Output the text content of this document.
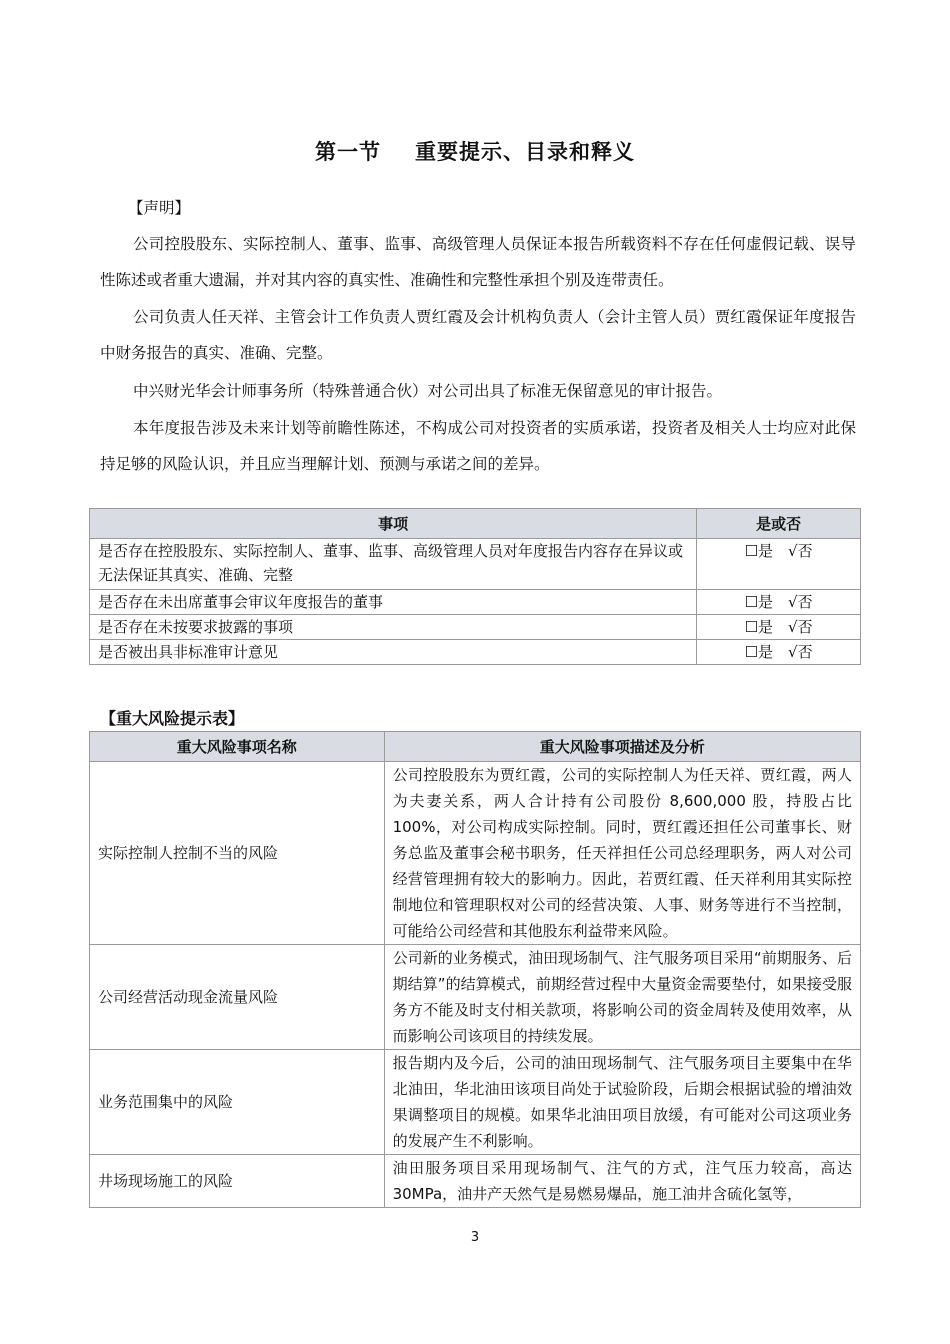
第一节 重要提示、目录和释义

【声明】

公司控股股东、实际控制人、董事、监事、高级管理人员保证本报告所载资料不存在任何虚假记载、误导性陈述或者重大遗漏，并对其内容的真实性、准确性和完整性承担个别及连带责任。

公司负责人任天祥、主管会计工作负责人贾红霞及会计机构负责人（会计主管人员）贾红霞保证年度报告中财务报告的真实、准确、完整。

中兴财光华会计师事务所（特殊普通合伙）对公司出具了标准无保留意见的审计报告。

本年度报告涉及未来计划等前瞻性陈述，不构成公司对投资者的实质承诺，投资者及相关人士均应对此保持足够的风险认识，并且应当理解计划、预测与承诺之间的差异。

事项	是或否
是否存在控股股东、实际控制人、董事、监事、高级管理人员对年度报告内容存在异议或无法保证其真实、准确、完整	☐是　√否
是否存在未出席董事会审议年度报告的董事	☐是　√否
是否存在未按要求披露的事项	☐是　√否
是否被出具非标准审计意见	☐是　√否
【重大风险提示表】
重大风险事项名称	重大风险事项描述及分析
实际控制人控制不当的风险	公司控股股东为贾红霞，公司的实际控制人为任天祥、贾红霞，两人为夫妻关系，两人合计持有公司股份 8,600,000 股，持股占比 100%，对公司构成实际控制。同时，贾红霞还担任公司董事长、财务总监及董事会秘书职务，任天祥担任公司总经理职务，两人对公司经营管理拥有较大的影响力。因此，若贾红霞、任天祥利用其实际控制地位和管理职权对公司的经营决策、人事、财务等进行不当控制，可能给公司经营和其他股东利益带来风险。
公司经营活动现金流量风险	公司新的业务模式，油田现场制气、注气服务项目采用“前期服务、后期结算”的结算模式，前期经营过程中大量资金需要垫付，如果接受服务方不能及时支付相关款项，将影响公司的资金周转及使用效率，从而影响公司该项目的持续发展。
业务范围集中的风险	报告期内及今后，公司的油田现场制气、注气服务项目主要集中在华北油田，华北油田该项目尚处于试验阶段，后期会根据试验的增油效果调整项目的规模。如果华北油田项目放缓，有可能对公司这项业务的发展产生不利影响。
井场现场施工的风险	油田服务项目采用现场制气、注气的方式，注气压力较高，高达 30MPa，油井产天然气是易燃易爆品，施工油井含硫化氢等，
3
